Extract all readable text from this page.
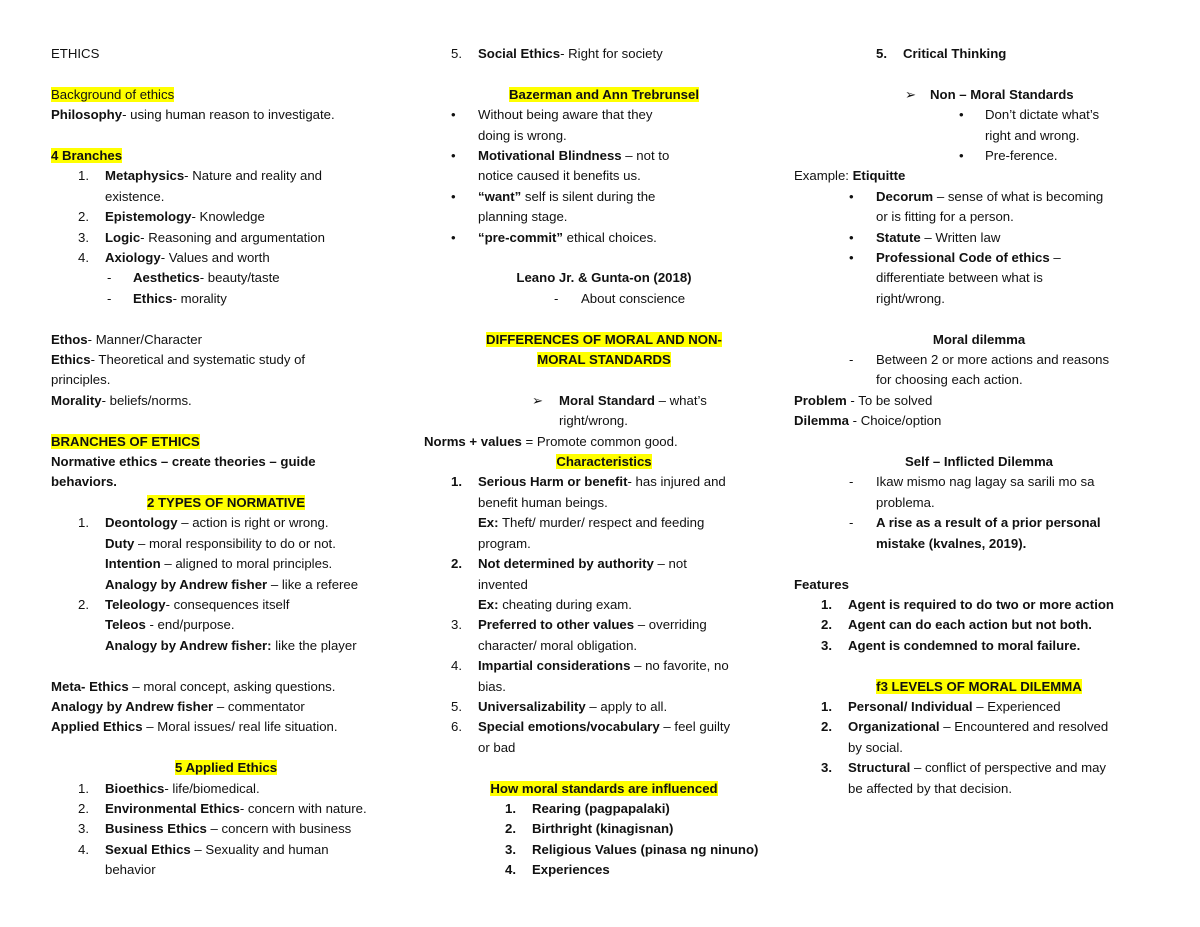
ETHICS
Background of ethics
Philosophy- using human reason to investigate.
4 Branches
1. Metaphysics- Nature and reality and
existence.
2. Epistemology- Knowledge
3. Logic- Reasoning and argumentation
4. Axiology- Values and worth
- Aesthetics- beauty/taste
- Ethics- morality
Ethos- Manner/Character
Ethics- Theoretical and systematic study of
principles.
Morality- beliefs/norms.
BRANCHES OF ETHICS
Normative ethics – create theories – guide
behaviors.
2 TYPES OF NORMATIVE
1. Deontology – action is right or wrong.
Duty – moral responsibility to do or not.
Intention – aligned to moral principles.
Analogy by Andrew fisher – like a referee
2. Teleology- consequences itself
Teleos - end/purpose.
Analogy by Andrew fisher: like the player
Meta- Ethics – moral concept, asking questions.
Analogy by Andrew fisher – commentator
Applied Ethics – Moral issues/ real life situation.
5 Applied Ethics
1. Bioethics- life/biomedical.
2. Environmental Ethics- concern with nature.
3. Business Ethics – concern with business
4. Sexual Ethics – Sexuality and human
behavior
5. Social Ethics- Right for society
Bazerman and Ann Trebrunsel
• Without being aware that they
doing is wrong.
• Motivational Blindness – not to
notice caused it benefits us.
• “want” self is silent during the
planning stage.
• “pre-commit” ethical choices.
Leano Jr. & Gunta-on (2018)
- About conscience
DIFFERENCES OF MORAL AND NON-
MORAL STANDARDS
➢ Moral Standard – what’s
right/wrong.
Norms + values = Promote common good.
Characteristics
1. Serious Harm or benefit- has injured and
benefit human beings.
Ex: Theft/ murder/ respect and feeding
program.
2. Not determined by authority – not
invented
Ex: cheating during exam.
3. Preferred to other values – overriding
character/ moral obligation.
4. Impartial considerations – no favorite, no
bias.
5. Universalizability – apply to all.
6. Special emotions/vocabulary – feel guilty
or bad
How moral standards are influenced
1. Rearing (pagpapalaki)
2. Birthright (kinagisnan)
3. Religious Values (pinasa ng ninuno)
4. Experiences
5. Critical Thinking
➢ Non – Moral Standards
• Don’t dictate what’s
right and wrong.
• Pre-ference.
Example: Etiquitte
• Decorum – sense of what is becoming
or is fitting for a person.
• Statute – Written law
• Professional Code of ethics –
differentiate between what is
right/wrong.
Moral dilemma
- Between 2 or more actions and reasons
for choosing each action.
Problem - To be solved
Dilemma - Choice/option
Self – Inflicted Dilemma
- Ikaw mismo nag lagay sa sarili mo sa
problema.
- A rise as a result of a prior personal
mistake (kvalnes, 2019).
Features
1. Agent is required to do two or more action
2. Agent can do each action but not both.
3. Agent is condemned to moral failure.
f3 LEVELS OF MORAL DILEMMA
1. Personal/ Individual – Experienced
2. Organizational – Encountered and resolved
by social.
3. Structural – conflict of perspective and may
be affected by that decision.
